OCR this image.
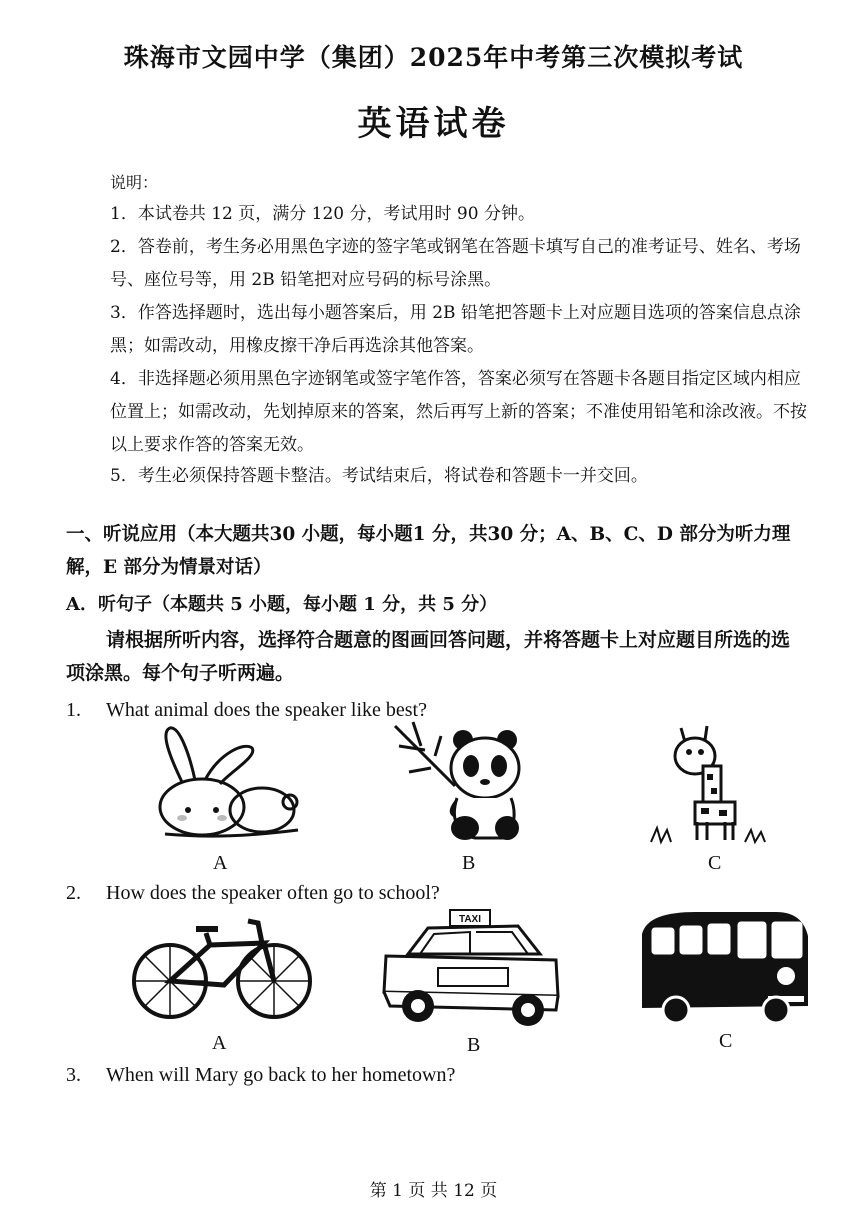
珠海市文园中学（集团）2025年中考第三次模拟考试
英语试卷
说明：
1．本试卷共 12 页，满分 120 分，考试用时 90 分钟。
2．答卷前，考生务必用黑色字迹的签字笔或钢笔在答题卡填写自己的准考证号、姓名、考场号、座位号等，用 2B 铅笔把对应号码的标号涂黑。
3．作答选择题时，选出每小题答案后，用 2B 铅笔把答题卡上对应题目选项的答案信息点涂黑；如需改动，用橡皮擦干净后再选涂其他答案。
4．非选择题必须用黑色字迹钢笔或签字笔作答，答案必须写在答题卡各题目指定区域内相应位置上；如需改动，先划掉原来的答案，然后再写上新的答案；不准使用铅笔和涂改液。不按以上要求作答的答案无效。
5．考生必须保持答题卡整洁。考试结束后，将试卷和答题卡一并交回。
一、听说应用（本大题共30 小题，每小题1 分，共30 分；A、B、C、D 部分为听力理解，E 部分为情景对话）
A．听句子（本题共 5 小题，每小题 1 分，共 5 分）
请根据所听内容，选择符合题意的图画回答问题，并将答题卡上对应题目所选的选项涂黑。每个句子听两遍。
1. What animal does the speaker like best?
A	B	C
2. How does the speaker often go to school?
A
TAXI
B	C
3. When will Mary go back to her hometown?
第 1 页 共 12 页
